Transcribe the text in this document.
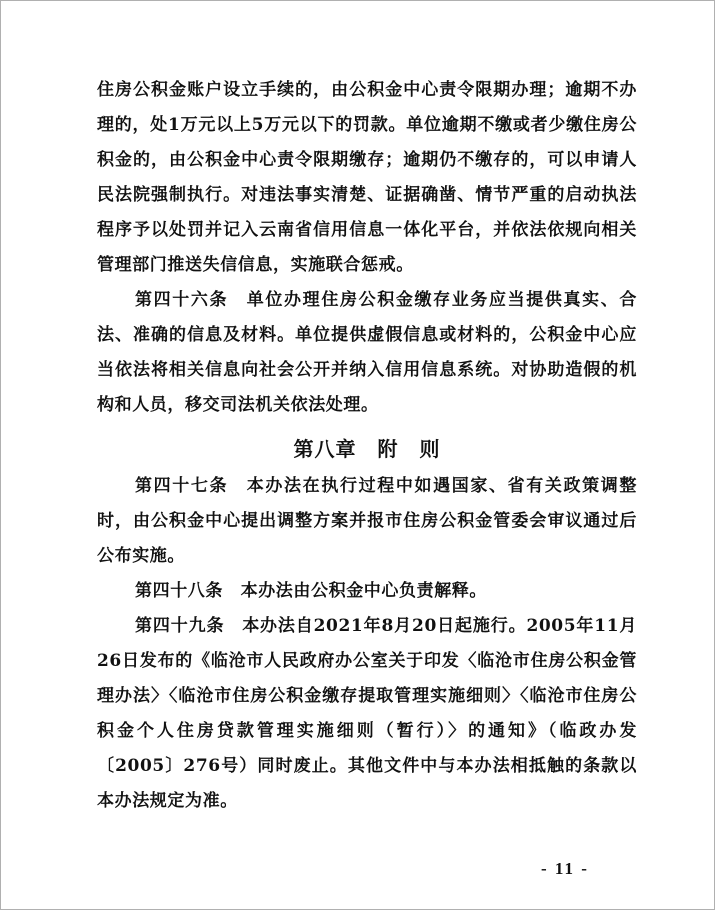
住房公积金账户设立手续的，由公积金中心责令限期办理；逾期不办理的，处1万元以上5万元以下的罚款。单位逾期不缴或者少缴住房公积金的，由公积金中心责令限期缴存；逾期仍不缴存的，可以申请人民法院强制执行。对违法事实清楚、证据确凿、情节严重的启动执法程序予以处罚并记入云南省信用信息一体化平台，并依法依规向相关管理部门推送失信信息，实施联合惩戒。

第四十六条　 单位办理住房公积金缴存业务应当提供真实、合法、准确的信息及材料。单位提供虚假信息或材料的，公积金中心应当依法将相关信息向社会公开并纳入信用信息系统。对协助造假的机构和人员，移交司法机关依法处理。

第八章　附　则

第四十七条　 本办法在执行过程中如遇国家、省有关政策调整时，由公积金中心提出调整方案并报市住房公积金管委会审议通过后公布实施。

第四十八条　 本办法由公积金中心负责解释。

第四十九条　 本办法自2021年8月20日起施行。2005年11月26日发布的《临沧市人民政府办公室关于印发〈临沧市住房公积金管理办法〉〈临沧市住房公积金缴存提取管理实施细则〉〈临沧市住房公积金个人住房贷款管理实施细则（暂行）〉的通知》（临政办发〔2005〕276号）同时废止。其他文件中与本办法相抵触的条款以本办法规定为准。

- 11 -
